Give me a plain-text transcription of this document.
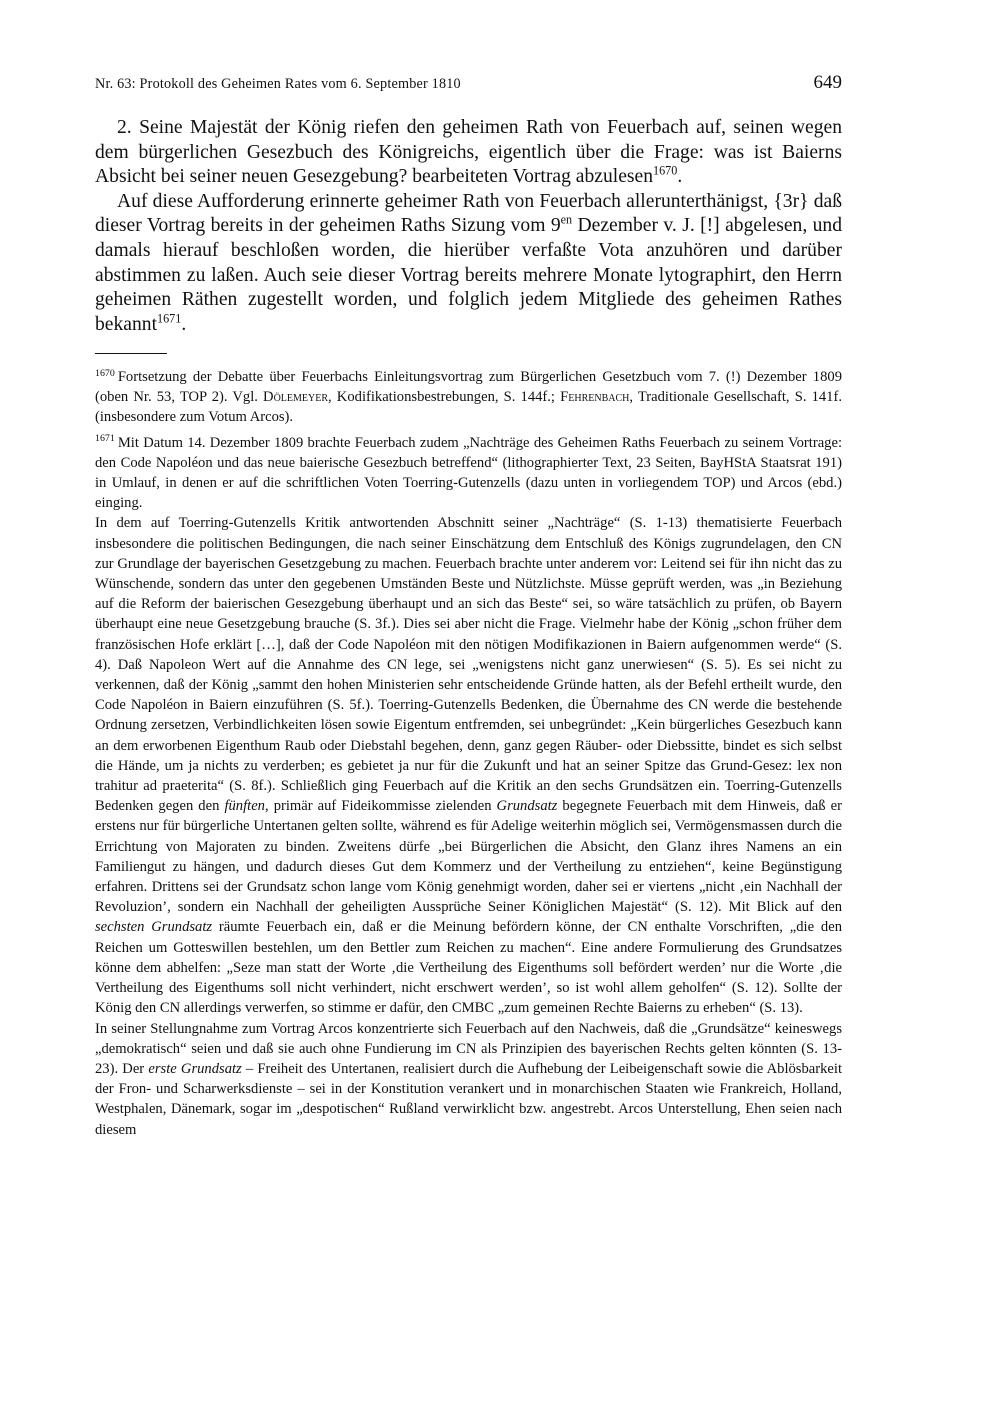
Nr. 63: Protokoll des Geheimen Rates vom 6. September 1810	649

2. Seine Majestät der König riefen den geheimen Rath von Feuerbach auf, seinen wegen dem bürgerlichen Gesezbuch des Königreichs, eigentlich über die Frage: was ist Baierns Absicht bei seiner neuen Gesezgebung? bearbeiteten Vortrag abzulesen$^{1670}$.

Auf diese Aufforderung erinnerte geheimer Rath von Feuerbach allerunterthänigst, {3r} daß dieser Vortrag bereits in der geheimen Raths Sizung vom $9^{en}$ Dezember v. J. [!] abgelesen, und damals hierauf beschloßen worden, die hierüber verfaßte Vota anzuhören und darüber abstimmen zu laßen. Auch seie dieser Vortrag bereits mehrere Monate lytographirt, den Herrn geheimen Räthen zugestellt worden, und folglich jedem Mitgliede des geheimen Rathes bekannt$^{1671}$.

$^{1670}$ Fortsetzung der Debatte über Feuerbachs Einleitungsvortrag zum Bürgerlichen Gesetzbuch vom 7. (!) Dezember 1809 (oben Nr. 53, TOP 2). Vgl. Dölemeyer, Kodifikationsbestrebungen, S. 144f.; Fehrenbach, Traditionale Gesellschaft, S. 141f. (insbesondere zum Votum Arcos).

$^{1671}$ Mit Datum 14. Dezember 1809 brachte Feuerbach zudem „Nachträge des Geheimen Raths Feuerbach zu seinem Vortrage: den Code Napoléon und das neue baierische Gesezbuch betreffend“ (lithographierter Text, 23 Seiten, BayHStA Staatsrat 191) in Umlauf, in denen er auf die schriftlichen Voten Toerring-Gutenzells (dazu unten in vorliegendem TOP) und Arcos (ebd.) einging.

In dem auf Toerring-Gutenzells Kritik antwortenden Abschnitt seiner „Nachträge“ (S. 1-13) thematisierte Feuerbach insbesondere die politischen Bedingungen, die nach seiner Einschätzung dem Entschluß des Königs zugrundelagen, den CN zur Grundlage der bayerischen Gesetzgebung zu machen. Feuerbach brachte unter anderem vor: Leitend sei für ihn nicht das zu Wünschende, sondern das unter den gegebenen Umständen Beste und Nützlichste. Müsse geprüft werden, was „in Beziehung auf die Reform der baierischen Gesezgebung überhaupt und an sich das Beste“ sei, so wäre tatsächlich zu prüfen, ob Bayern überhaupt eine neue Gesetzgebung brauche (S. 3f.). Dies sei aber nicht die Frage. Vielmehr habe der König „schon früher dem französischen Hofe erklärt […], daß der Code Napoléon mit den nötigen Modifikazionen in Baiern aufgenommen werde“ (S. 4). Daß Napoleon Wert auf die Annahme des CN lege, sei „wenigstens nicht ganz unerwiesen“ (S. 5). Es sei nicht zu verkennen, daß der König „sammt den hohen Ministerien sehr entscheidende Gründe hatten, als der Befehl ertheilt wurde, den Code Napoléon in Baiern einzuführen (S. 5f.). Toerring-Gutenzells Bedenken, die Übernahme des CN werde die bestehende Ordnung zersetzen, Verbindlichkeiten lösen sowie Eigentum entfremden, sei unbegründet: „Kein bürgerliches Gesezbuch kann an dem erworbenen Eigenthum Raub oder Diebstahl begehen, denn, ganz gegen Räuber- oder Diebssitte, bindet es sich selbst die Hände, um ja nichts zu verderben; es gebietet ja nur für die Zukunft und hat an seiner Spitze das Grund-Gesez: lex non trahitur ad praeterita“ (S. 8f.). Schließlich ging Feuerbach auf die Kritik an den sechs Grundsätzen ein. Toerring-Gutenzells Bedenken gegen den fünften, primär auf Fideikommisse zielenden Grundsatz begegnete Feuerbach mit dem Hinweis, daß er erstens nur für bürgerliche Untertanen gelten sollte, während es für Adelige weiterhin möglich sei, Vermögensmassen durch die Errichtung von Majoraten zu binden. Zweitens dürfe „bei Bürgerlichen die Absicht, den Glanz ihres Namens an ein Familiengut zu hängen, und dadurch dieses Gut dem Kommerz und der Vertheilung zu entziehen“, keine Begünstigung erfahren. Drittens sei der Grundsatz schon lange vom König genehmigt worden, daher sei er viertens „nicht ‚ein Nachhall der Revoluzion’, sondern ein Nachhall der geheiligten Aussprüche Seiner Königlichen Majestät“ (S. 12). Mit Blick auf den sechsten Grundsatz räumte Feuerbach ein, daß er die Meinung befördern könne, der CN enthalte Vorschriften, „die den Reichen um Gotteswillen bestehlen, um den Bettler zum Reichen zu machen“. Eine andere Formulierung des Grundsatzes könne dem abhelfen: „Seze man statt der Worte ‚die Vertheilung des Eigenthums soll befördert werden’ nur die Worte ‚die Vertheilung des Eigenthums soll nicht verhindert, nicht erschwert werden’, so ist wohl allem geholfen“ (S. 12). Sollte der König den CN allerdings verwerfen, so stimme er dafür, den CMBC „zum gemeinen Rechte Baierns zu erheben“ (S. 13).

In seiner Stellungnahme zum Vortrag Arcos konzentrierte sich Feuerbach auf den Nachweis, daß die „Grundsätze“ keineswegs „demokratisch“ seien und daß sie auch ohne Fundierung im CN als Prinzipien des bayerischen Rechts gelten könnten (S. 13-23). Der erste Grundsatz – Freiheit des Untertanen, realisiert durch die Aufhebung der Leibeigenschaft sowie die Ablösbarkeit der Fron- und Scharwerksdienste – sei in der Konstitution verankert und in monarchischen Staaten wie Frankreich, Holland, Westphalen, Dänemark, sogar im „despotischen“ Rußland verwirklicht bzw. angestrebt. Arcos Unterstellung, Ehen seien nach diesem
